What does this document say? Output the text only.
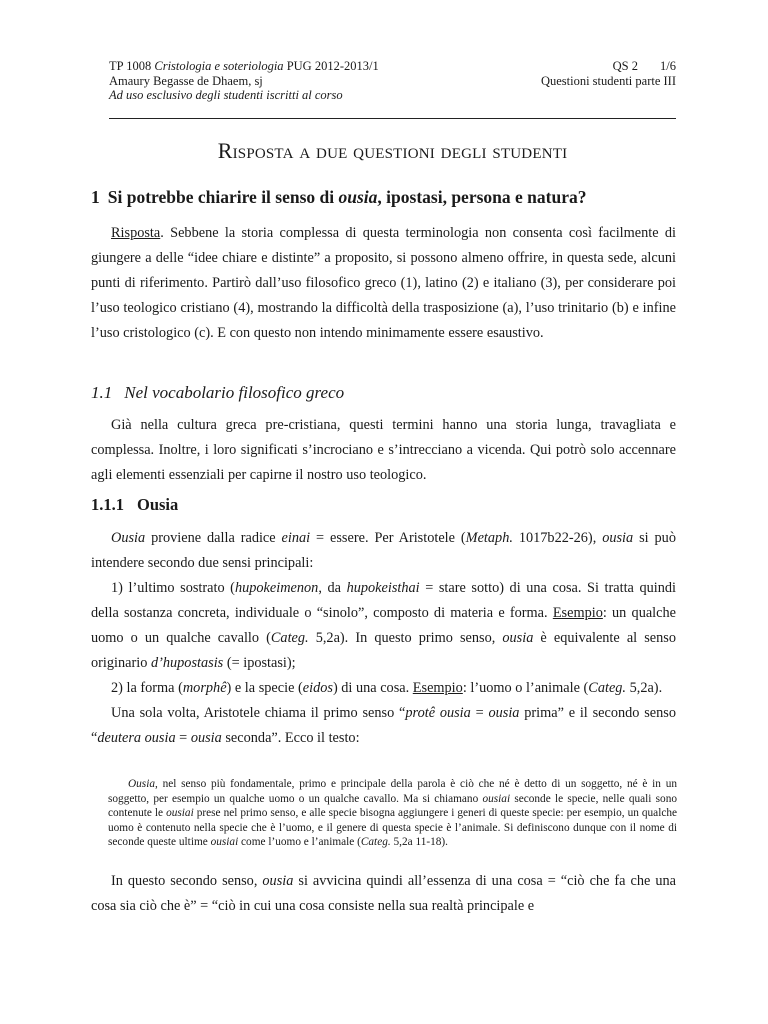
TP 1008 Cristologia e soteriologia PUG 2012-2013/1	QS 2 1/6
Amaury Begasse de Dhaem, sj	Questioni studenti parte III
Ad uso esclusivo degli studenti iscritti al corso
Risposta a due questioni degli studenti
1 Si potrebbe chiarire il senso di ousia, ipostasi, persona e natura?

Risposta. Sebbene la storia complessa di questa terminologia non consenta così facilmente di giungere a delle “idee chiare e distinte” a proposito, si possono almeno offrire, in questa sede, alcuni punti di riferimento. Partirò dall’uso filosofico greco (1), latino (2) e italiano (3), per considerare poi l’uso teologico cristiano (4), mostrando la difficoltà della trasposizione (a), l’uso trinitario (b) e infine l’uso cristologico (c). E con questo non intendo minimamente essere esaustivo.

1.1 Nel vocabolario filosofico greco

Già nella cultura greca pre-cristiana, questi termini hanno una storia lunga, travagliata e complessa. Inoltre, i loro significati s’incrociano e s’intrecciano a vicenda. Qui potrò solo accennare agli elementi essenziali per capirne il nostro uso teologico.

1.1.1 Ousia

Ousia proviene dalla radice einai = essere. Per Aristotele (Metaph. 1017b22-26), ousia si può intendere secondo due sensi principali:

1) l’ultimo sostrato (hupokeimenon, da hupokeisthai = stare sotto) di una cosa. Si tratta quindi della sostanza concreta, individuale o “sinolo”, composto di materia e forma. Esempio: un qualche uomo o un qualche cavallo (Categ. 5,2a). In questo primo senso, ousia è equivalente al senso originario d’hupostasis (= ipostasi);

2) la forma (morphê) e la specie (eidos) di una cosa. Esempio: l’uomo o l’animale (Categ. 5,2a).

Una sola volta, Aristotele chiama il primo senso “protê ousia = ousia prima” e il secondo senso “deutera ousia = ousia seconda”. Ecco il testo:

Ousia, nel senso più fondamentale, primo e principale della parola è ciò che né è detto di un soggetto, né è in un soggetto, per esempio un qualche uomo o un qualche cavallo. Ma si chiamano ousiai seconde le specie, nelle quali sono contenute le ousiai prese nel primo senso, e alle specie bisogna aggiungere i generi di queste specie: per esempio, un qualche uomo è contenuto nella specie che è l’uomo, e il genere di questa specie è l’animale. Si definiscono dunque con il nome di seconde queste ultime ousiai come l’uomo e l’animale (Categ. 5,2a 11-18).

In questo secondo senso, ousia si avvicina quindi all’essenza di una cosa = “ciò che fa che una cosa sia ciò che è” = “ciò in cui una cosa consiste nella sua realtà principale e
